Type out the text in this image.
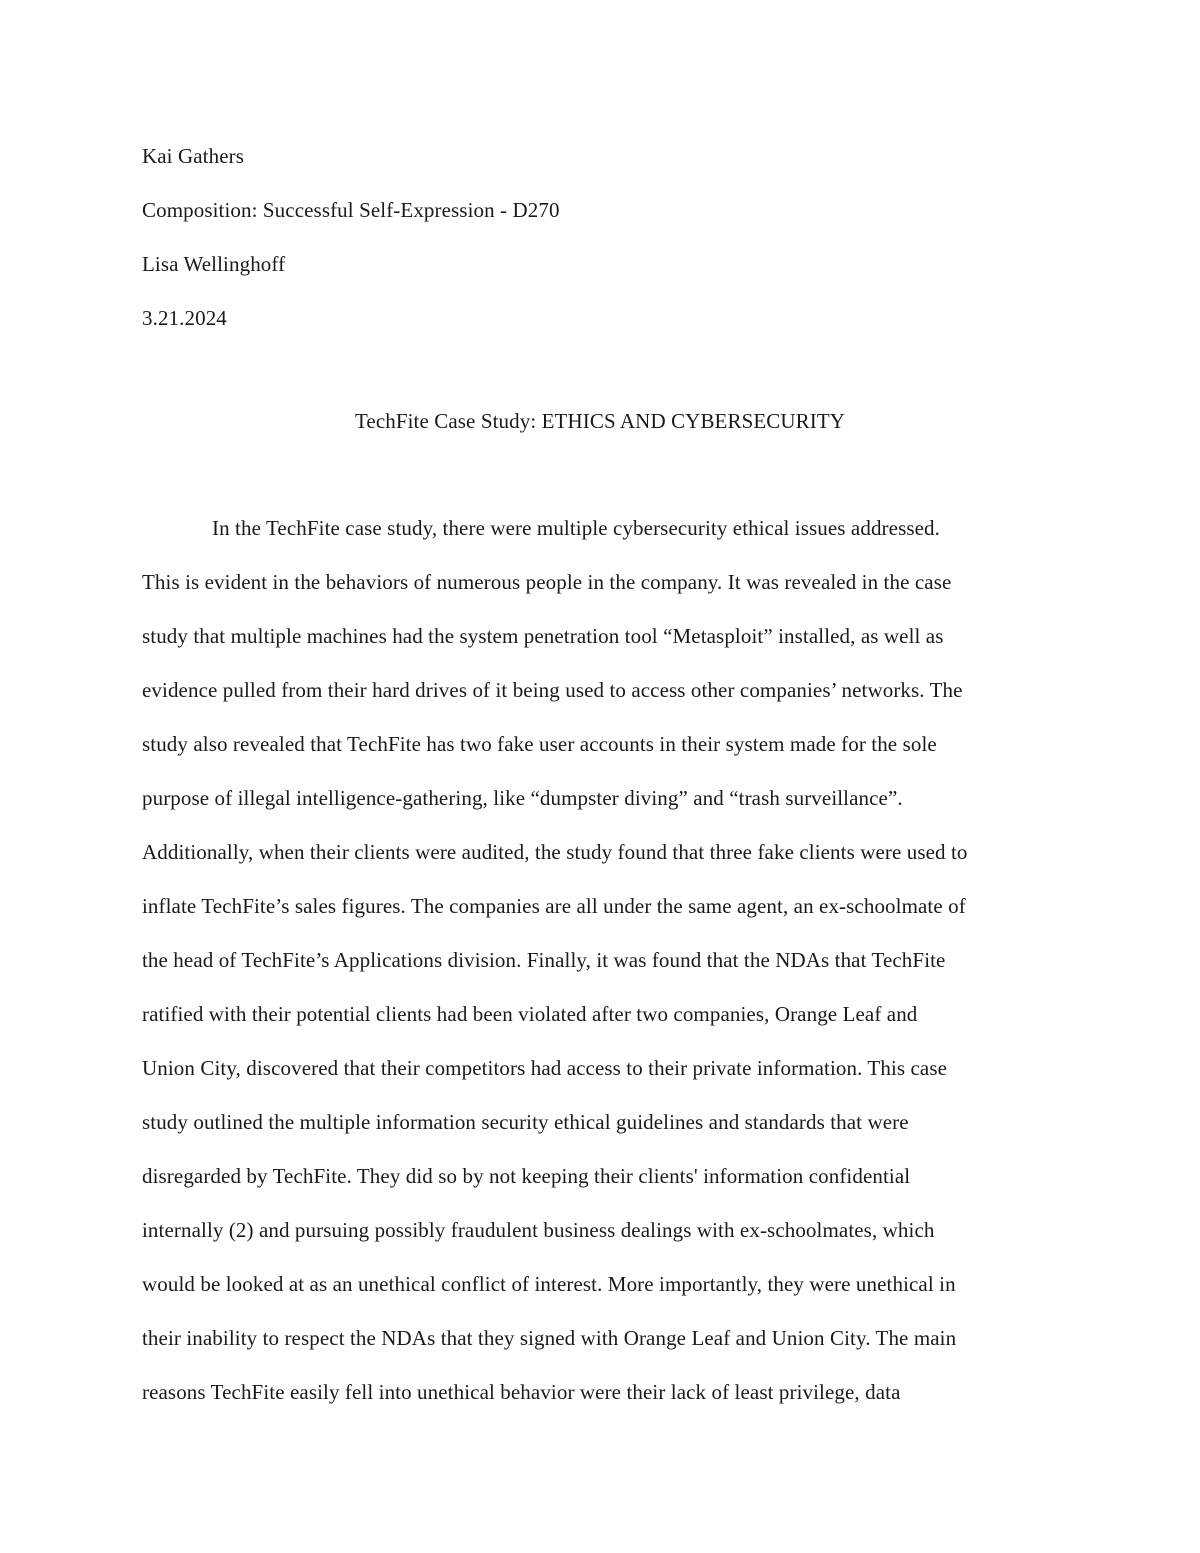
Kai Gathers
Composition: Successful Self-Expression - D270
Lisa Wellinghoff
3.21.2024
TechFite Case Study: ETHICS AND CYBERSECURITY
In the TechFite case study, there were multiple cybersecurity ethical issues addressed.
This is evident in the behaviors of numerous people in the company. It was revealed in the case
study that multiple machines had the system penetration tool “Metasploit” installed, as well as
evidence pulled from their hard drives of it being used to access other companies’ networks. The
study also revealed that TechFite has two fake user accounts in their system made for the sole
purpose of illegal intelligence-gathering, like “dumpster diving” and “trash surveillance”.
Additionally, when their clients were audited, the study found that three fake clients were used to
inflate TechFite’s sales figures. The companies are all under the same agent, an ex-schoolmate of
the head of TechFite’s Applications division. Finally, it was found that the NDAs that TechFite
ratified with their potential clients had been violated after two companies, Orange Leaf and
Union City, discovered that their competitors had access to their private information. This case
study outlined the multiple information security ethical guidelines and standards that were
disregarded by TechFite. They did so by not keeping their clients' information confidential
internally (2) and pursuing possibly fraudulent business dealings with ex-schoolmates, which
would be looked at as an unethical conflict of interest. More importantly, they were unethical in
their inability to respect the NDAs that they signed with Orange Leaf and Union City. The main
reasons TechFite easily fell into unethical behavior were their lack of least privilege, data
